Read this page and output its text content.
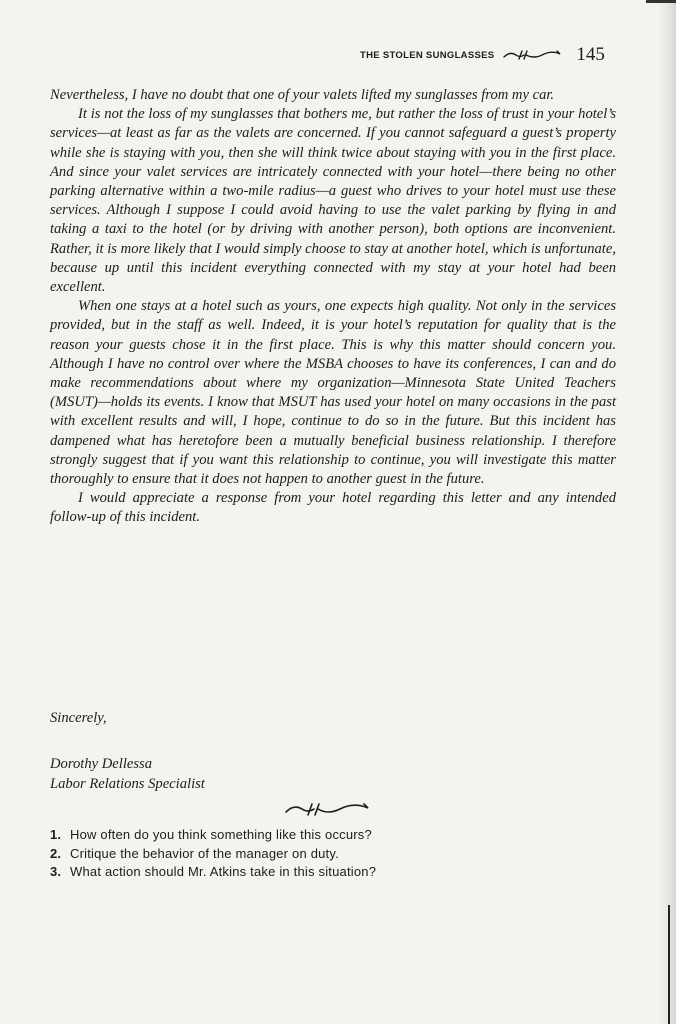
THE STOLEN SUNGLASSES	145

Nevertheless, I have no doubt that one of your valets lifted my sunglasses from my car.

It is not the loss of my sunglasses that bothers me, but rather the loss of trust in your hotel’s services—at least as far as the valets are concerned. If you cannot safeguard a guest’s property while she is staying with you, then she will think twice about staying with you in the first place. And since your valet services are intricately connected with your hotel—there being no other parking alternative within a two-mile radius—a guest who drives to your hotel must use these services. Although I suppose I could avoid having to use the valet parking by flying in and taking a taxi to the hotel (or by driving with another person), both options are inconvenient. Rather, it is more likely that I would simply choose to stay at another hotel, which is unfortunate, because up until this incident everything connected with my stay at your hotel had been excellent.

When one stays at a hotel such as yours, one expects high quality. Not only in the services provided, but in the staff as well. Indeed, it is your hotel’s reputation for quality that is the reason your guests chose it in the first place. This is why this matter should concern you. Although I have no control over where the MSBA chooses to have its conferences, I can and do make recommendations about where my organization—Minnesota State United Teachers (MSUT)—holds its events. I know that MSUT has used your hotel on many occasions in the past with excellent results and will, I hope, continue to do so in the future. But this incident has dampened what has heretofore been a mutually beneficial business relationship. I therefore strongly suggest that if you want this relationship to continue, you will investigate this matter thoroughly to ensure that it does not happen to another guest in the future.

I would appreciate a response from your hotel regarding this letter and any intended follow-up of this incident.

Sincerely,
Dorothy Dellessa
Labor Relations Specialist
1. How often do you think something like this occurs?
2. Critique the behavior of the manager on duty.
3. What action should Mr. Atkins take in this situation?
